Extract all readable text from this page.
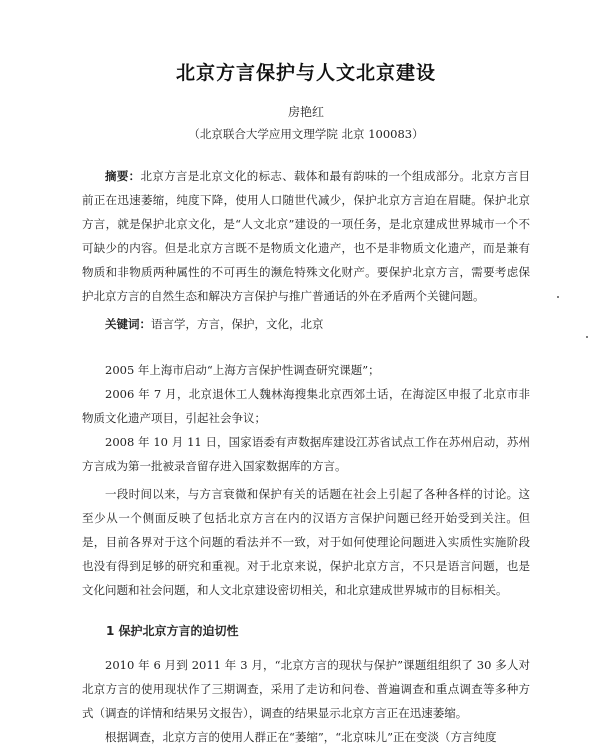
北京方言保护与人文北京建设
房艳红
（北京联合大学应用文理学院 北京 100083）
摘要：北京方言是北京文化的标志、载体和最有韵味的一个组成部分。北京方言目前正在迅速萎缩，纯度下降，使用人口随世代减少，保护北京方言迫在眉睫。保护北京方言，就是保护北京文化，是“人文北京”建设的一项任务，是北京建成世界城市一个不可缺少的内容。但是北京方言既不是物质文化遗产，也不是非物质文化遗产，而是兼有物质和非物质两种属性的不可再生的濒危特殊文化财产。要保护北京方言，需要考虑保护北京方言的自然生态和解决方言保护与推广普通话的外在矛盾两个关键问题。
关键词：语言学，方言，保护，文化，北京

2005 年上海市启动“上海方言保护性调查研究课题”；

2006 年 7 月，北京退休工人魏林海搜集北京西郊土话，在海淀区申报了北京市非物质文化遗产项目，引起社会争议；

2008 年 10 月 11 日，国家语委有声数据库建设江苏省试点工作在苏州启动，苏州方言成为第一批被录音留存进入国家数据库的方言。

一段时间以来，与方言衰微和保护有关的话题在社会上引起了各种各样的讨论。这至少从一个侧面反映了包括北京方言在内的汉语方言保护问题已经开始受到关注。但是，目前各界对于这个问题的看法并不一致，对于如何使理论问题进入实质性实施阶段也没有得到足够的研究和重视。对于北京来说，保护北京方言，不只是语言问题，也是文化问题和社会问题，和人文北京建设密切相关，和北京建成世界城市的目标相关。

1 保护北京方言的迫切性

2010 年 6 月到 2011 年 3 月，“北京方言的现状与保护”课题组组织了 30 多人对北京方言的使用现状作了三期调查，采用了走访和问卷、普遍调查和重点调查等多种方式（调查的详情和结果另文报告），调查的结果显示北京方言正在迅速萎缩。

根据调查，北京方言的使用人群正在“萎缩”，“北京味儿”正在变淡（方言纯度
